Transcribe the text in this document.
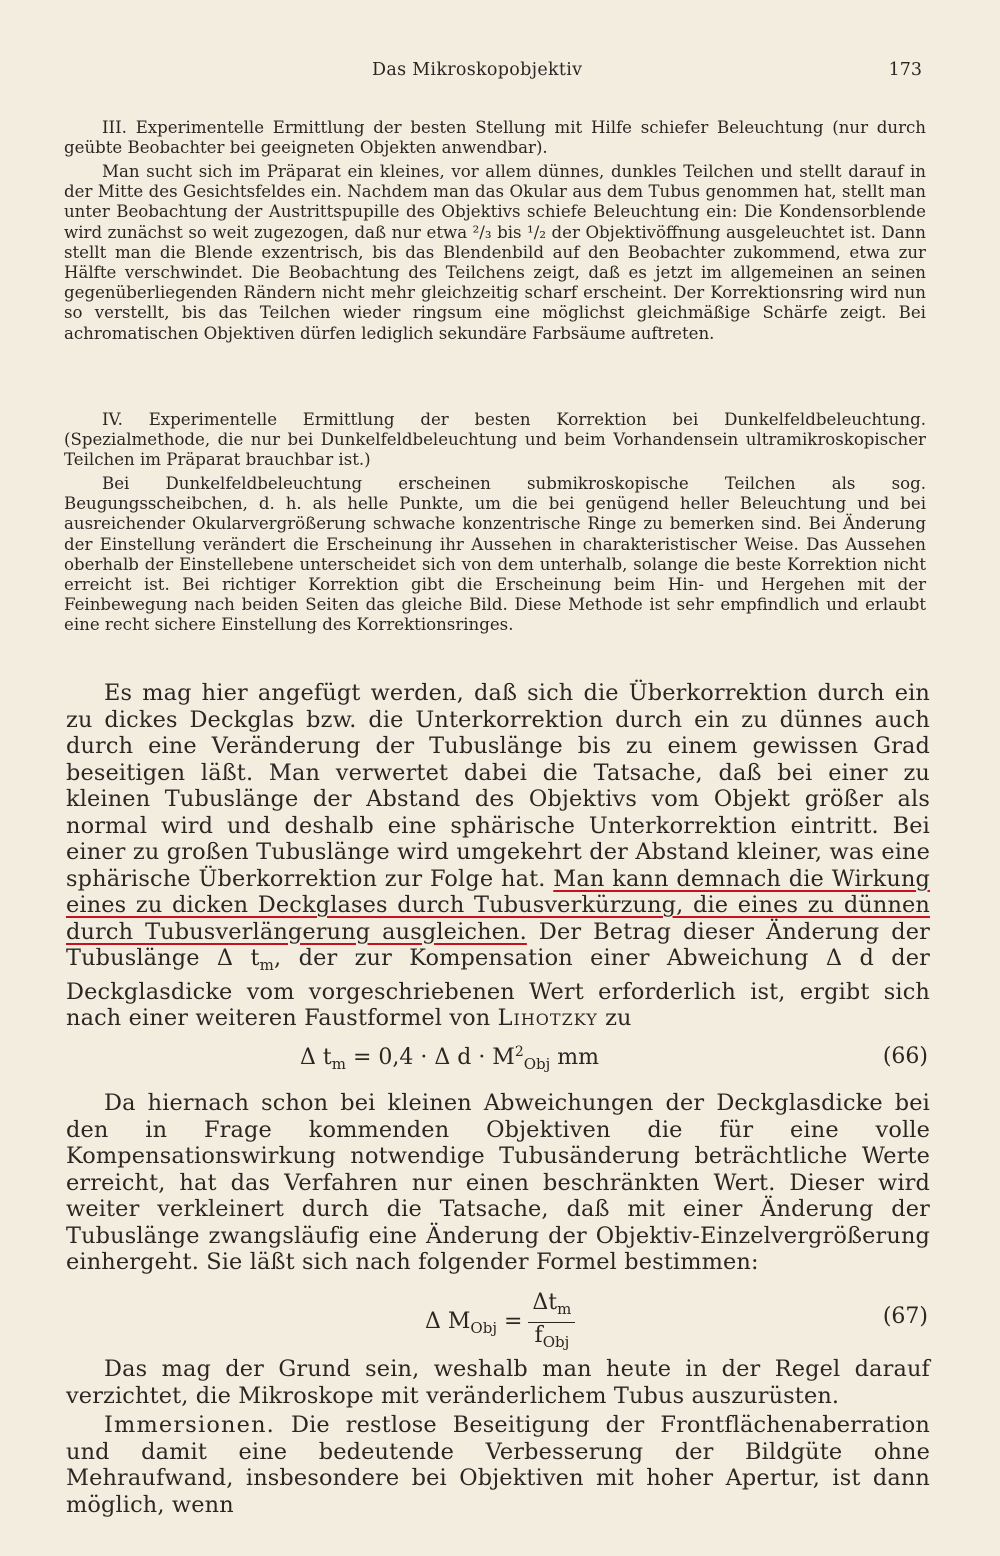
Das Mikroskopobjektiv	173

III. Experimentelle Ermittlung der besten Stellung mit Hilfe schiefer Beleuchtung (nur durch geübte Beobachter bei geeigneten Objekten anwendbar).

Man sucht sich im Präparat ein kleines, vor allem dünnes, dunkles Teilchen und stellt darauf in der Mitte des Gesichtsfeldes ein. Nachdem man das Okular aus dem Tubus genommen hat, stellt man unter Beobachtung der Austrittspupille des Objektivs schiefe Beleuchtung ein: Die Kondensorblende wird zunächst so weit zugezogen, daß nur etwa ²/₃ bis ¹/₂ der Objektivöffnung ausgeleuchtet ist. Dann stellt man die Blende exzentrisch, bis das Blendenbild auf den Beobachter zukommend, etwa zur Hälfte verschwindet. Die Beobachtung des Teilchens zeigt, daß es jetzt im allgemeinen an seinen gegenüberliegenden Rändern nicht mehr gleichzeitig scharf erscheint. Der Korrektionsring wird nun so verstellt, bis das Teilchen wieder ringsum eine möglichst gleichmäßige Schärfe zeigt. Bei achromatischen Objektiven dürfen lediglich sekundäre Farbsäume auftreten.

IV. Experimentelle Ermittlung der besten Korrektion bei Dunkelfeldbeleuchtung. (Spezialmethode, die nur bei Dunkelfeldbeleuchtung und beim Vorhandensein ultramikroskopischer Teilchen im Präparat brauchbar ist.)

Bei Dunkelfeldbeleuchtung erscheinen submikroskopische Teilchen als sog. Beugungsscheibchen, d. h. als helle Punkte, um die bei genügend heller Beleuchtung und bei ausreichender Okularvergrößerung schwache konzentrische Ringe zu bemerken sind. Bei Änderung der Einstellung verändert die Erscheinung ihr Aussehen in charakteristischer Weise. Das Aussehen oberhalb der Einstellebene unterscheidet sich von dem unterhalb, solange die beste Korrektion nicht erreicht ist. Bei richtiger Korrektion gibt die Erscheinung beim Hin- und Hergehen mit der Feinbewegung nach beiden Seiten das gleiche Bild. Diese Methode ist sehr empfindlich und erlaubt eine recht sichere Einstellung des Korrektionsringes.

Es mag hier angefügt werden, daß sich die Überkorrektion durch ein zu dickes Deckglas bzw. die Unterkorrektion durch ein zu dünnes auch durch eine Veränderung der Tubuslänge bis zu einem gewissen Grad beseitigen läßt. Man verwertet dabei die Tatsache, daß bei einer zu kleinen Tubuslänge der Abstand des Objektivs vom Objekt größer als normal wird und deshalb eine sphärische Unterkorrektion eintritt. Bei einer zu großen Tubuslänge wird umgekehrt der Abstand kleiner, was eine sphärische Überkorrektion zur Folge hat. Man kann demnach die Wirkung eines zu dicken Deckglases durch Tubusverkürzung, die eines zu dünnen durch Tubusverlängerung ausgleichen. Der Betrag dieser Änderung der Tubuslänge Δ $t_m$, der zur Kompensation einer Abweichung Δ d der Deckglasdicke vom vorgeschriebenen Wert erforderlich ist, ergibt sich nach einer weiteren Faustformel von Lihotzky zu

Δ $t_m = 0,4 \cdot \Delta$ $d \cdot M^2_{Obj}$ mm	(66)

Da hiernach schon bei kleinen Abweichungen der Deckglasdicke bei den in Frage kommenden Objektiven die für eine volle Kompensationswirkung notwendige Tubusänderung beträchtliche Werte erreicht, hat das Verfahren nur einen beschränkten Wert. Dieser wird weiter verkleinert durch die Tatsache, daß mit einer Änderung der Tubuslänge zwangsläufig eine Änderung der Objektiv-Einzelvergrößerung einhergeht. Sie läßt sich nach folgender Formel bestimmen:

Δ $M_{Obj} = \frac{\Delta t_m}{f_{Obj}}$	(67)

Das mag der Grund sein, weshalb man heute in der Regel darauf verzichtet, die Mikroskope mit veränderlichem Tubus auszurüsten.

Immersionen. Die restlose Beseitigung der Frontflächenaberration und damit eine bedeutende Verbesserung der Bildgüte ohne Mehraufwand, insbesondere bei Objektiven mit hoher Apertur, ist dann möglich, wenn
